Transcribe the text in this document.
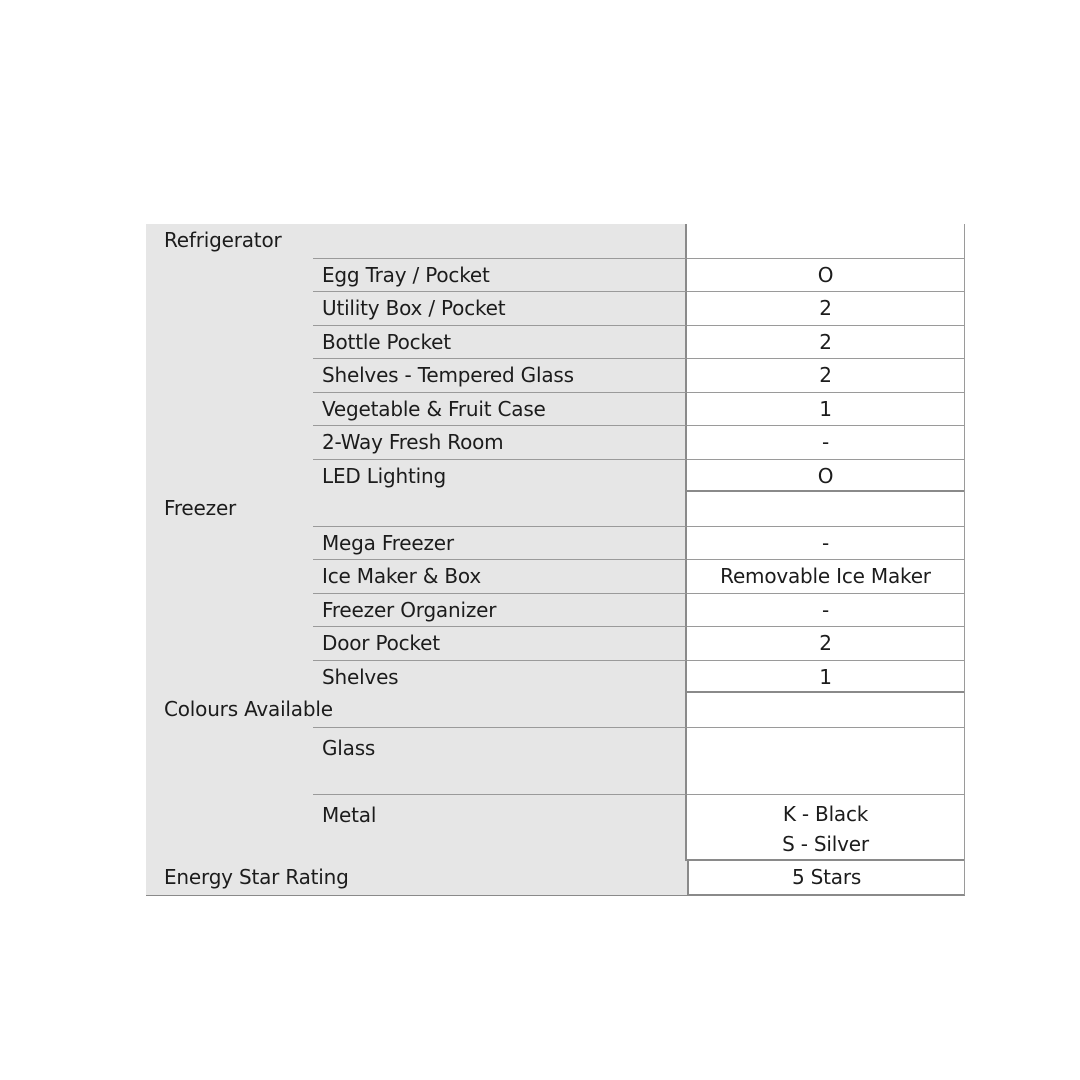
Refrigerator
Egg Tray / Pocket	O
Utility Box / Pocket	2
Bottle Pocket	2
Shelves - Tempered Glass	2
Vegetable & Fruit Case	1
2-Way Fresh Room	-
LED Lighting	O
Freezer
Mega Freezer	-
Ice Maker & Box	Removable Ice Maker
Freezer Organizer	-
Door Pocket	2
Shelves	1
Colours Available
Glass
Metal	K - Black
S - Silver
Energy Star Rating	5 Stars
